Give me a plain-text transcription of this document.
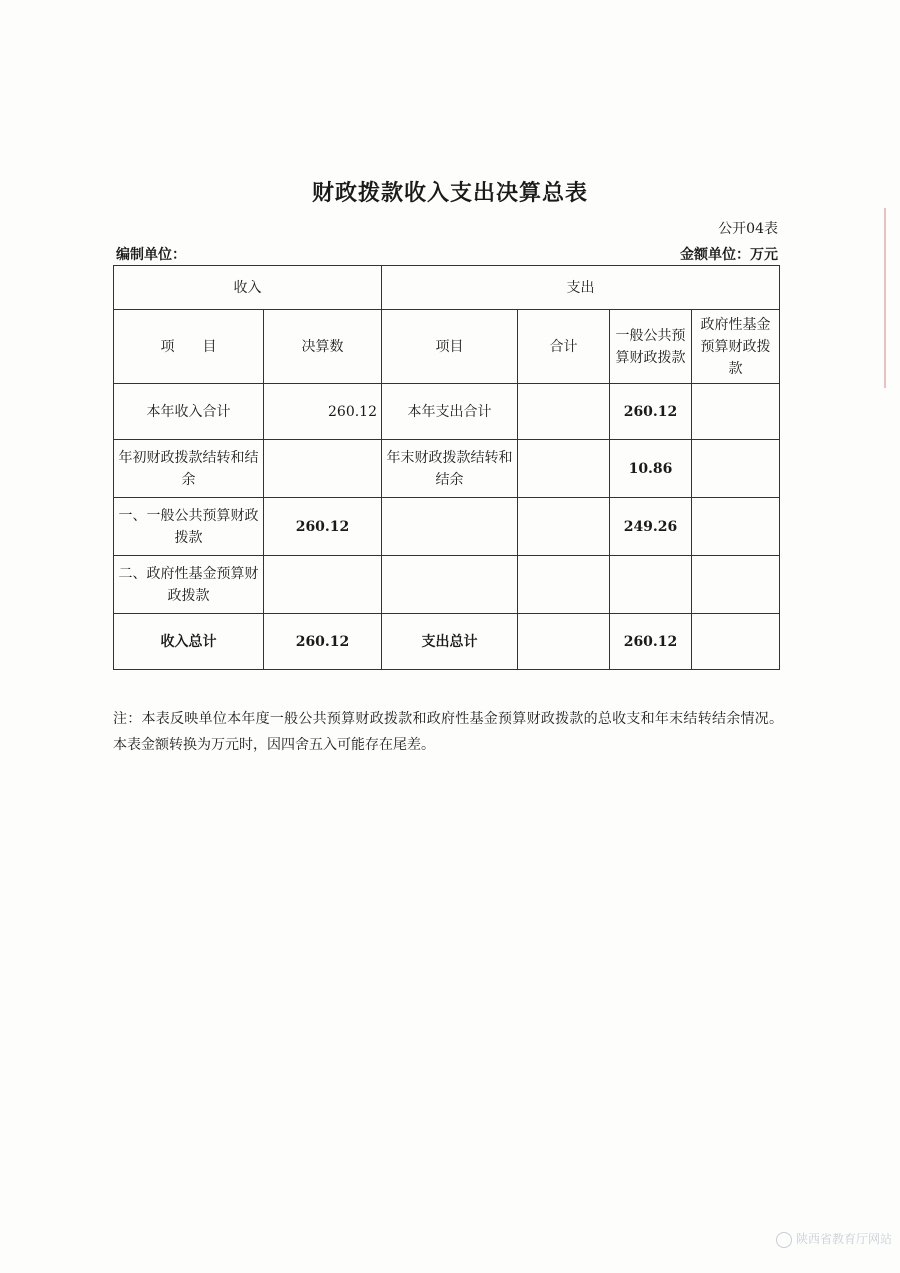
财政拨款收入支出决算总表
公开04表
编制单位：	金额单位：万元
收入		支出			
项　　目	决算数	项目	合计	一般公共预算财政拨款	政府性基金预算财政拨款
本年收入合计	260.12	本年支出合计		260.12	
年初财政拨款结转和结余		年末财政拨款结转和结余		10.86	
一、一般公共预算财政拨款	260.12			249.26	
二、政府性基金预算财政拨款					
收入总计	260.12	支出总计		260.12	
注：本表反映单位本年度一般公共预算财政拨款和政府性基金预算财政拨款的总收支和年末结转结余情况。本表金额转换为万元时，因四舍五入可能存在尾差。
陕西省教育厅网站
